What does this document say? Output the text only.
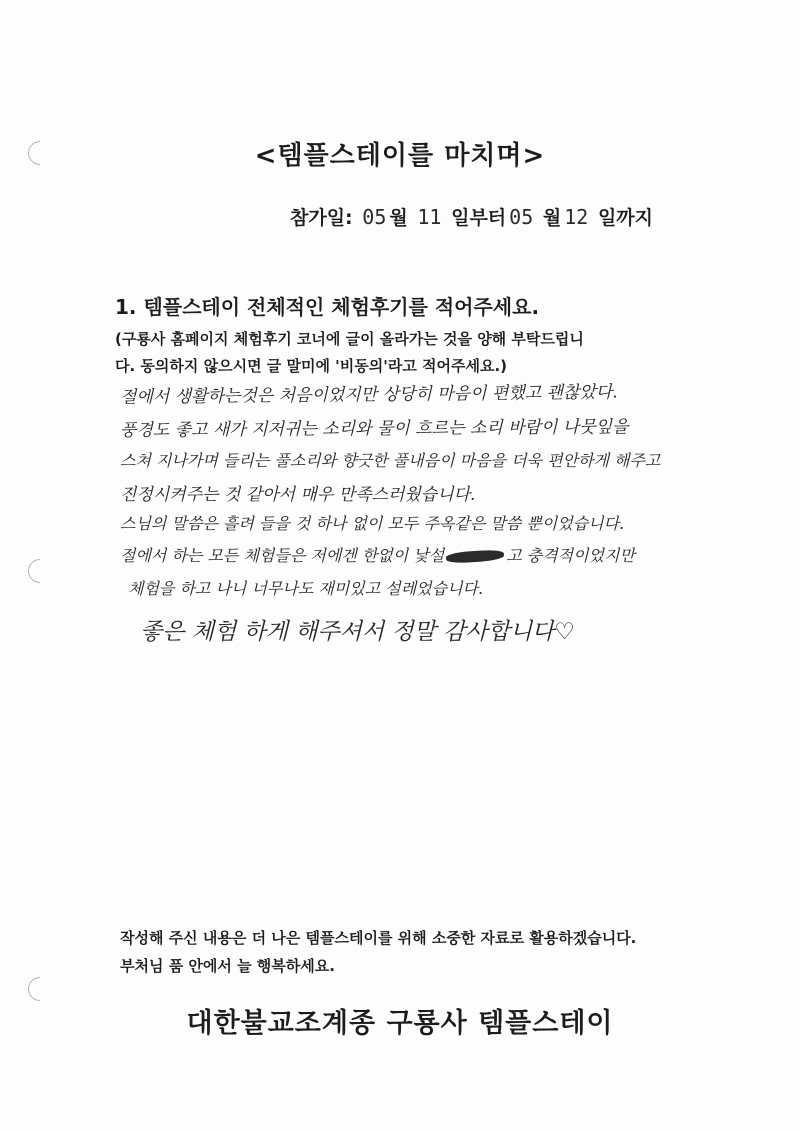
<템플스테이를 마치며>
참가일: 05 월 11 일부터 05 월 12 일까지
1. 템플스테이 전체적인 체험후기를 적어주세요.
(구룡사 홈페이지 체험후기 코너에 글이 올라가는 것을 양해 부탁드립니
다. 동의하지 않으시면 글 말미에 '비동의'라고 적어주세요.)
절에서 생활하는것은 처음이었지만 상당히 마음이 편했고 괜찮았다.
풍경도 좋고 새가 지저귀는 소리와 물이 흐르는 소리 바람이 나뭇잎을
스쳐 지나가며 들리는 풀소리와 향긋한 풀내음이 마음을 더욱 편안하게 해주고
진정시켜주는 것 같아서 매우 만족스러웠습니다.
스님의 말씀은 흘려 들을 것 하나 없이 모두 주옥같은 말씀 뿐이었습니다.
절에서 하는 모든 체험들은 저에겐 한없이 낯설	고 충격적이었지만
체험을 하고 나니 너무나도 재미있고 설레었습니다.
좋은 체험 하게 해주셔서 정말 감사합니다♡
작성해 주신 내용은 더 나은 템플스테이를 위해 소중한 자료로 활용하겠습니다.
부처님 품 안에서 늘 행복하세요.
대한불교조계종 구룡사 템플스테이
